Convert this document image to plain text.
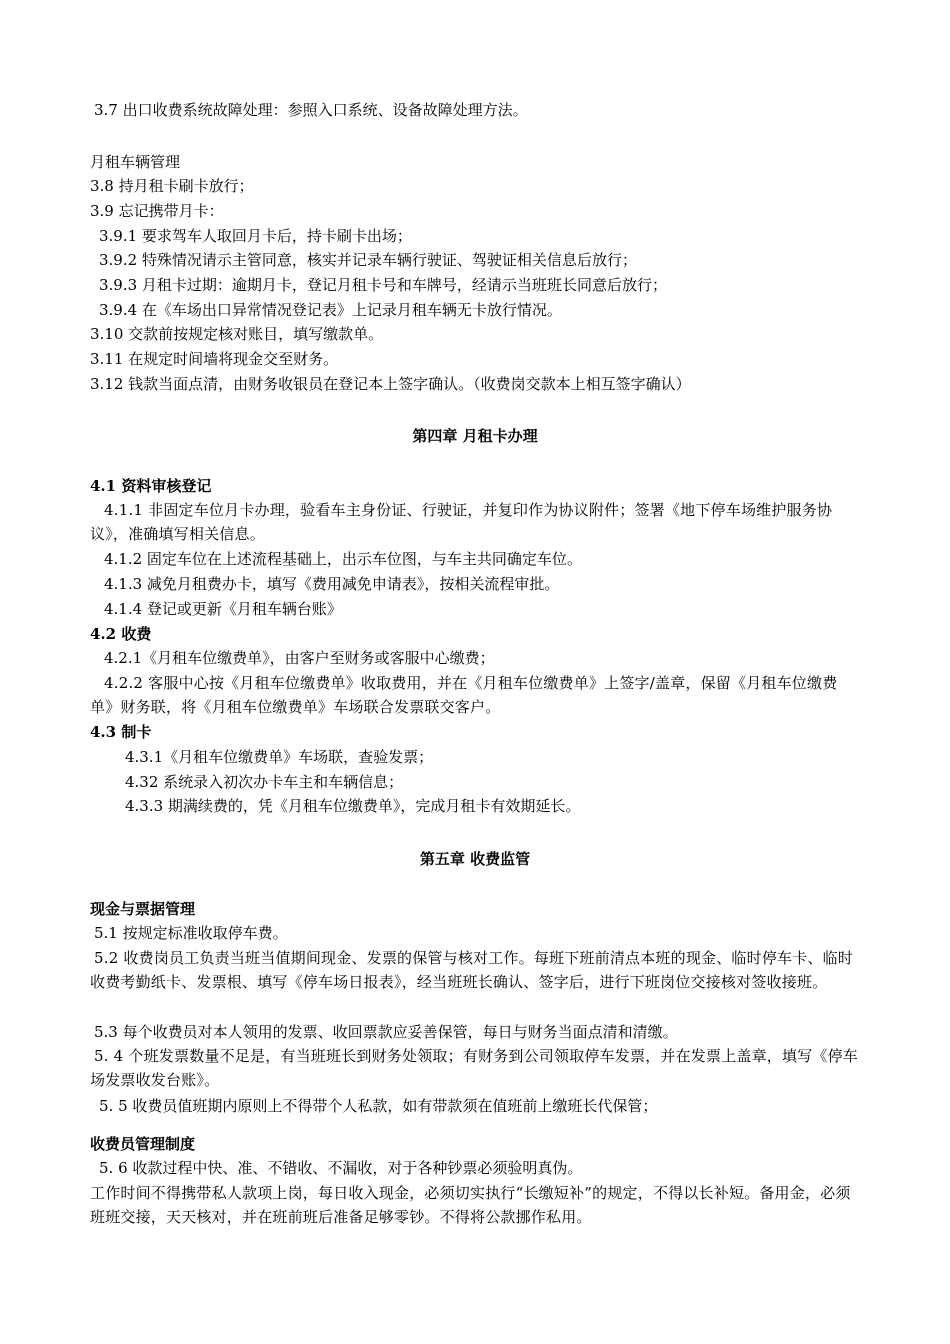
3.7 出口收费系统故障处理：参照入口系统、设备故障处理方法。
月租车辆管理
3.8 持月租卡刷卡放行；
3.9 忘记携带月卡：
3.9.1 要求驾车人取回月卡后，持卡刷卡出场；
3.9.2 特殊情况请示主管同意，核实并记录车辆行驶证、驾驶证相关信息后放行；
3.9.3 月租卡过期：逾期月卡，登记月租卡号和车牌号，经请示当班班长同意后放行；
3.9.4 在《车场出口异常情况登记表》上记录月租车辆无卡放行情况。
3.10 交款前按规定核对账目，填写缴款单。
3.11 在规定时间墙将现金交至财务。
3.12 钱款当面点清，由财务收银员在登记本上签字确认。（收费岗交款本上相互签字确认）
第四章 月租卡办理
4.1 资料审核登记
4.1.1 非固定车位月卡办理，验看车主身份证、行驶证，并复印作为协议附件；签署《地下停车场维护服务协议》，准确填写相关信息。
4.1.2 固定车位在上述流程基础上，出示车位图，与车主共同确定车位。
4.1.3 减免月租费办卡，填写《费用减免申请表》，按相关流程审批。
4.1.4 登记或更新《月租车辆台账》
4.2 收费
4.2.1《月租车位缴费单》，由客户至财务或客服中心缴费；
4.2.2 客服中心按《月租车位缴费单》收取费用，并在《月租车位缴费单》上签字/盖章，保留《月租车位缴费单》财务联，将《月租车位缴费单》车场联合发票联交客户。
4.3 制卡
4.3.1《月租车位缴费单》车场联，查验发票；
4.32 系统录入初次办卡车主和车辆信息；
4.3.3 期满续费的，凭《月租车位缴费单》，完成月租卡有效期延长。
第五章 收费监管
现金与票据管理
5.1 按规定标准收取停车费。
5.2 收费岗员工负责当班当值期间现金、发票的保管与核对工作。每班下班前清点本班的现金、临时停车卡、临时收费考勤纸卡、发票根、填写《停车场日报表》，经当班班长确认、签字后，进行下班岗位交接核对签收接班。
5.3 每个收费员对本人领用的发票、收回票款应妥善保管，每日与财务当面点清和清缴。
5. 4 个班发票数量不足是，有当班班长到财务处领取；有财务到公司领取停车发票，并在发票上盖章，填写《停车场发票收发台账》。
5. 5 收费员值班期内原则上不得带个人私款，如有带款须在值班前上缴班长代保管；
收费员管理制度
5. 6 收款过程中快、准、不错收、不漏收，对于各种钞票必须验明真伪。
工作时间不得携带私人款项上岗，每日收入现金，必须切实执行“长缴短补”的规定，不得以长补短。备用金，必须班班交接，天天核对，并在班前班后准备足够零钞。不得将公款挪作私用。
